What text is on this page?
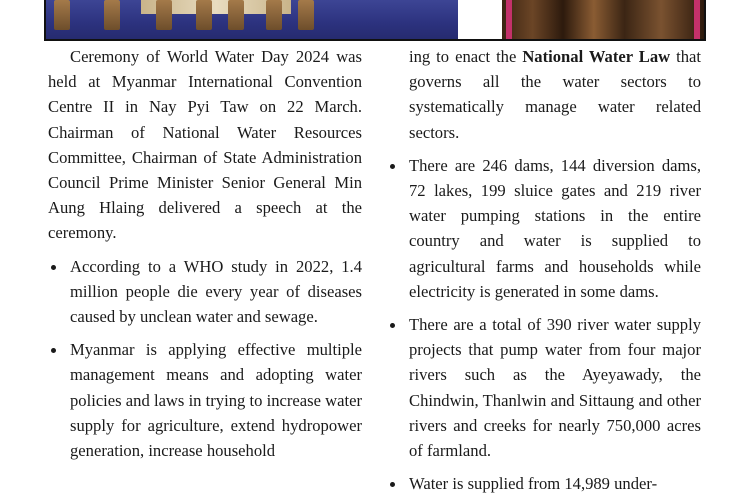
Ceremony of World Water Day 2024 was held at Myanmar International Convention Centre II in Nay Pyi Taw on 22 March. Chairman of National Water Resources Committee, Chairman of State Administration Council Prime Minister Senior General Min Aung Hlaing delivered a speech at the ceremony.

According to a WHO study in 2022, 1.4 million people die every year of diseases caused by unclean water and sewage.
Myanmar is applying effective multiple management means and adopting water policies and laws in trying to increase water supply for agriculture, extend hydropower generation, increase household

ing to enact the National Water Law that governs all the water sectors to systematically manage water related sectors.

There are 246 dams, 144 diversion dams, 72 lakes, 199 sluice gates and 219 river water pumping stations in the entire country and water is supplied to agricultural farms and households while electricity is generated in some dams.
There are a total of 390 river water supply projects that pump water from four major rivers such as the Ayeyawady, the Chindwin, Thanlwin and Sittaung and other rivers and creeks for nearly 750,000 acres of farmland.
Water is supplied from 14,989 under-
